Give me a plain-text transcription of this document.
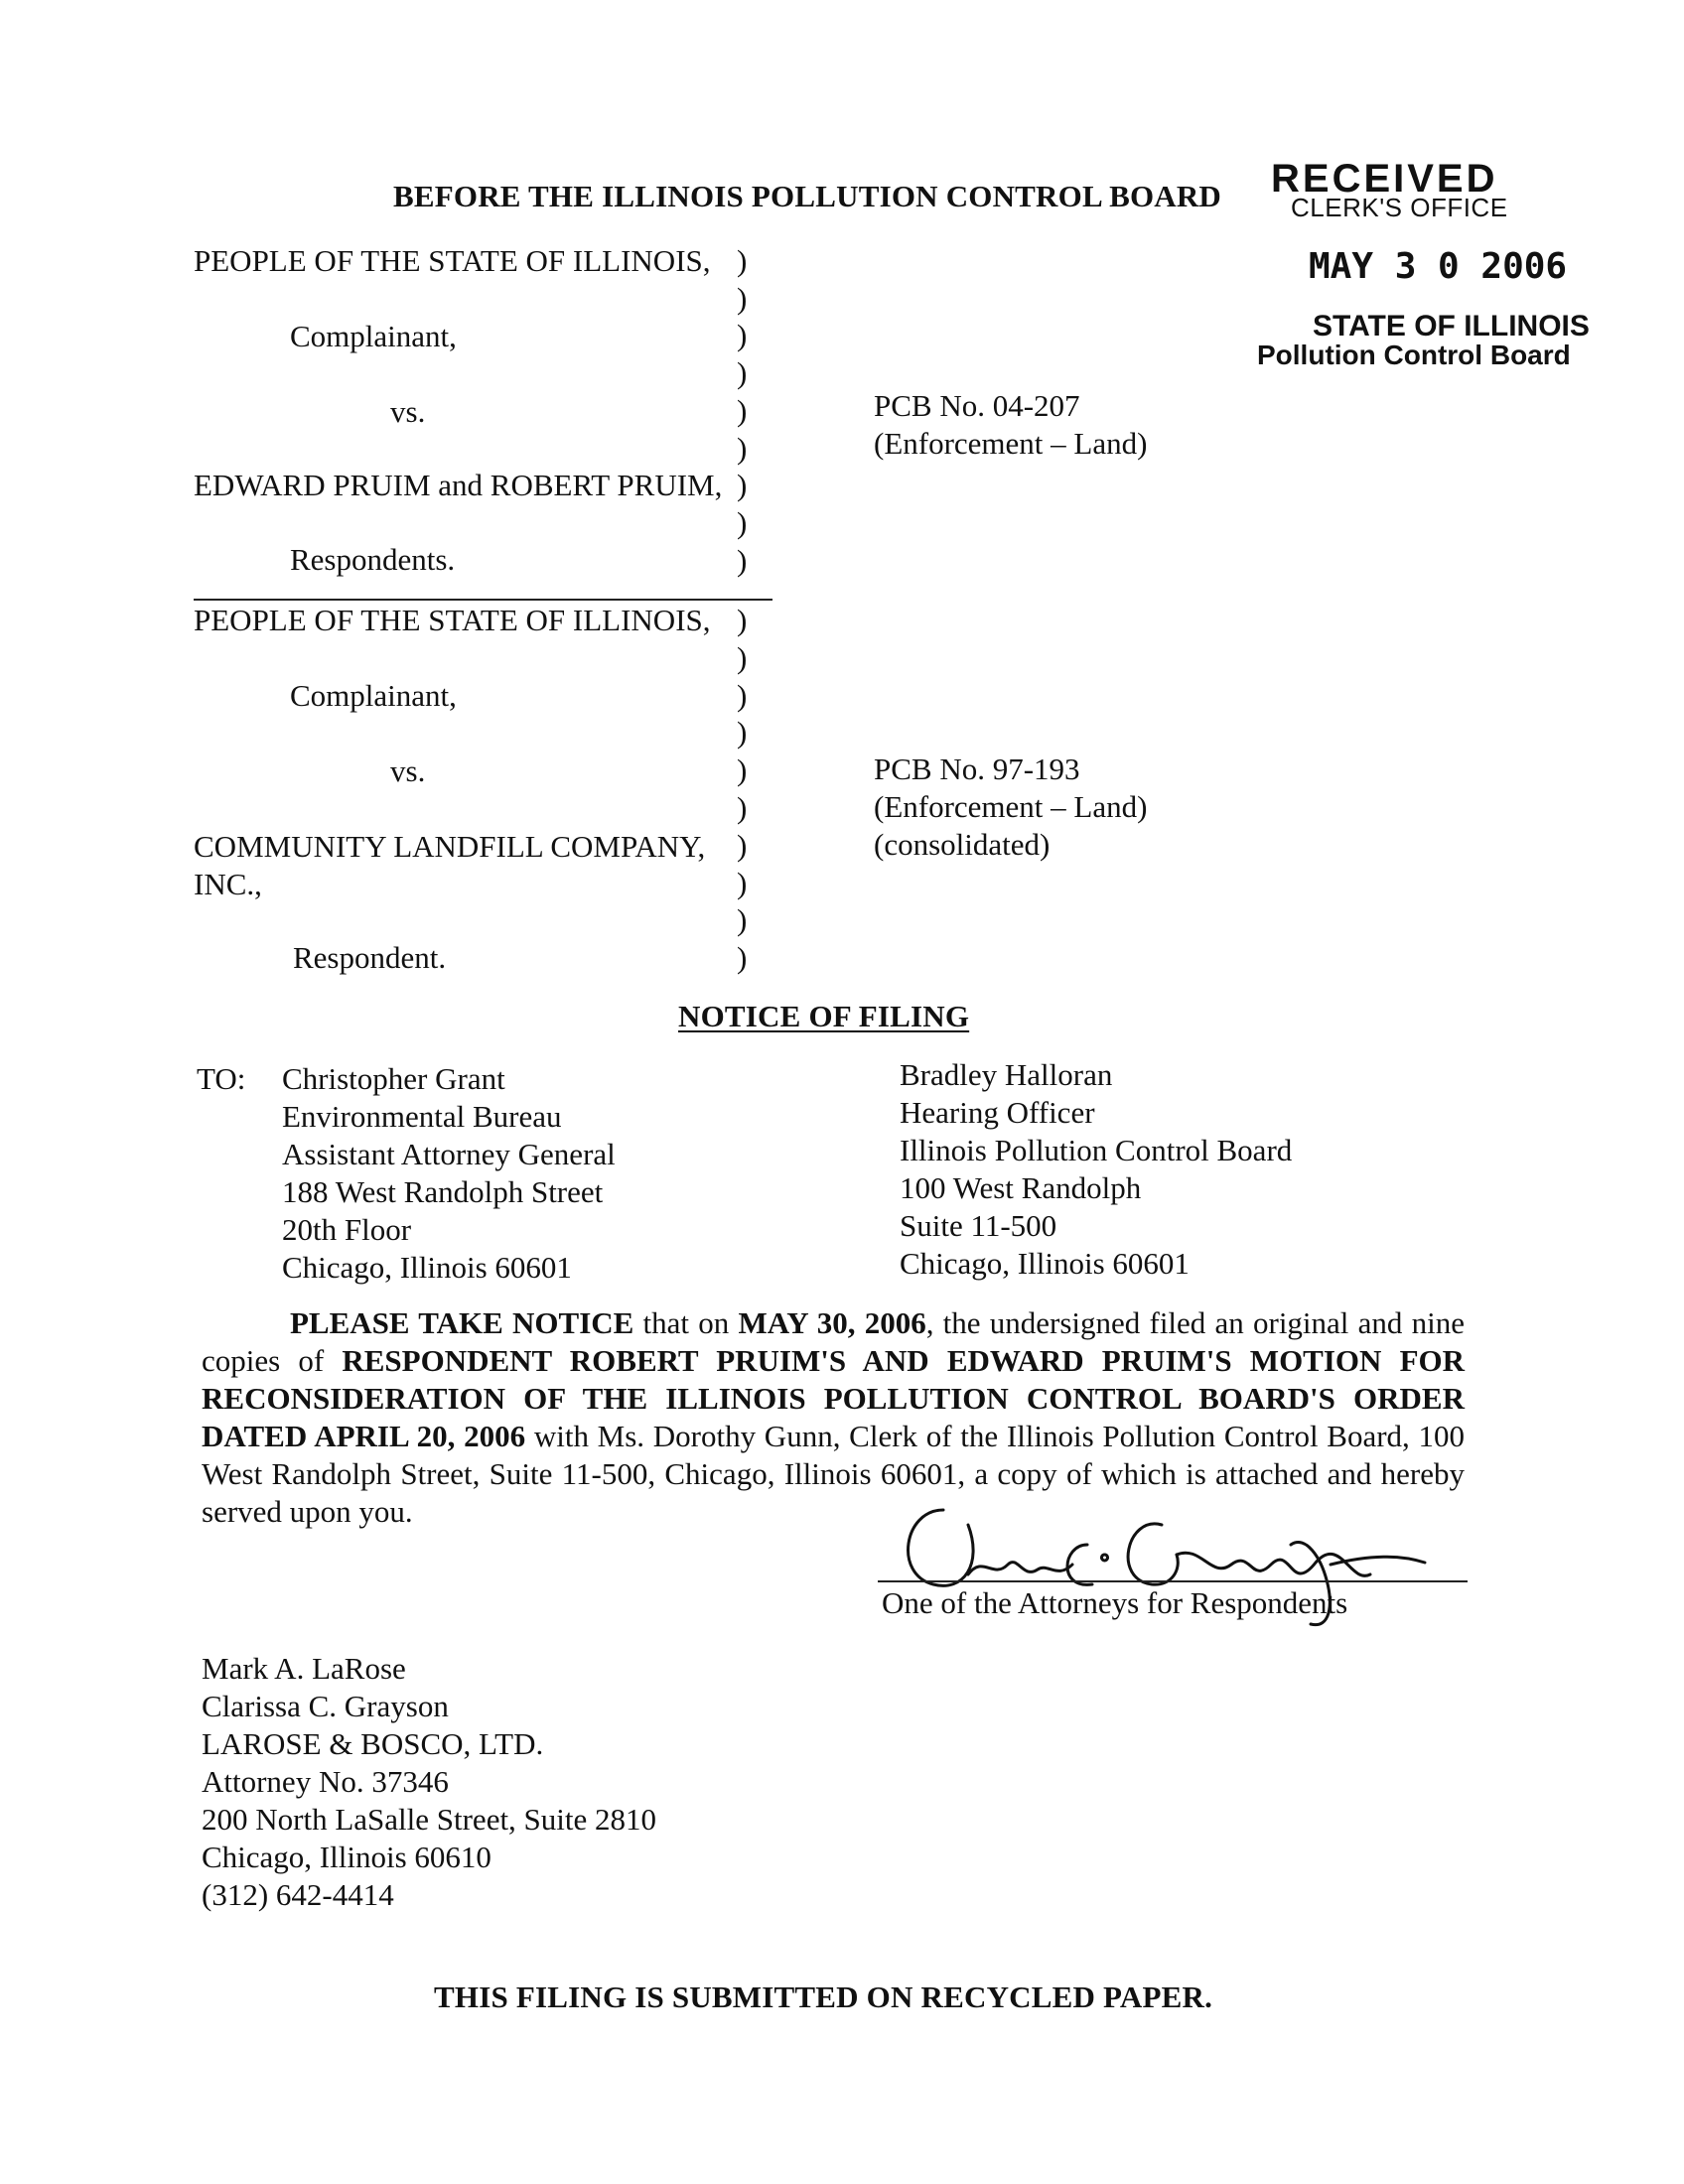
BEFORE THE ILLINOIS POLLUTION CONTROL BOARD RECEIVED
CLERK'S OFFICE
MAY 3 0 2006
STATE OF ILLINOIS
Pollution Control Board
PEOPLE OF THE STATE OF ILLINOIS,
Complainant,
vs.
EDWARD PRUIM and ROBERT PRUIM,
Respondents.
)
)
)
)
)
)
)
)
)
PCB No. 04-207
(Enforcement – Land)
PEOPLE OF THE STATE OF ILLINOIS,
Complainant,
vs.
COMMUNITY LANDFILL COMPANY,
INC.,
Respondent.
)
)
)
)
)
)
)
)
)
)
PCB No. 97-193
(Enforcement – Land)
(consolidated)
NOTICE OF FILING
TO: Christopher Grant

Environmental Bureau

Assistant Attorney General

188 West Randolph Street

20th Floor

Chicago, Illinois 60601

Bradley Halloran

Hearing Officer

Illinois Pollution Control Board

100 West Randolph

Suite 11-500

Chicago, Illinois 60601

PLEASE TAKE NOTICE that on MAY 30, 2006, the undersigned filed an original and nine copies of RESPONDENT ROBERT PRUIM'S AND EDWARD PRUIM'S MOTION FOR RECONSIDERATION OF THE ILLINOIS POLLUTION CONTROL BOARD'S ORDER DATED APRIL 20, 2006 with Ms. Dorothy Gunn, Clerk of the Illinois Pollution Control Board, 100 West Randolph Street, Suite 11-500, Chicago, Illinois 60601, a copy of which is attached and hereby served upon you.
One of the Attorneys for Respondents

Mark A. LaRose

Clarissa C. Grayson

LAROSE & BOSCO, LTD.

Attorney No. 37346

200 North LaSalle Street, Suite 2810

Chicago, Illinois 60610

(312) 642-4414

THIS FILING IS SUBMITTED ON RECYCLED PAPER.
